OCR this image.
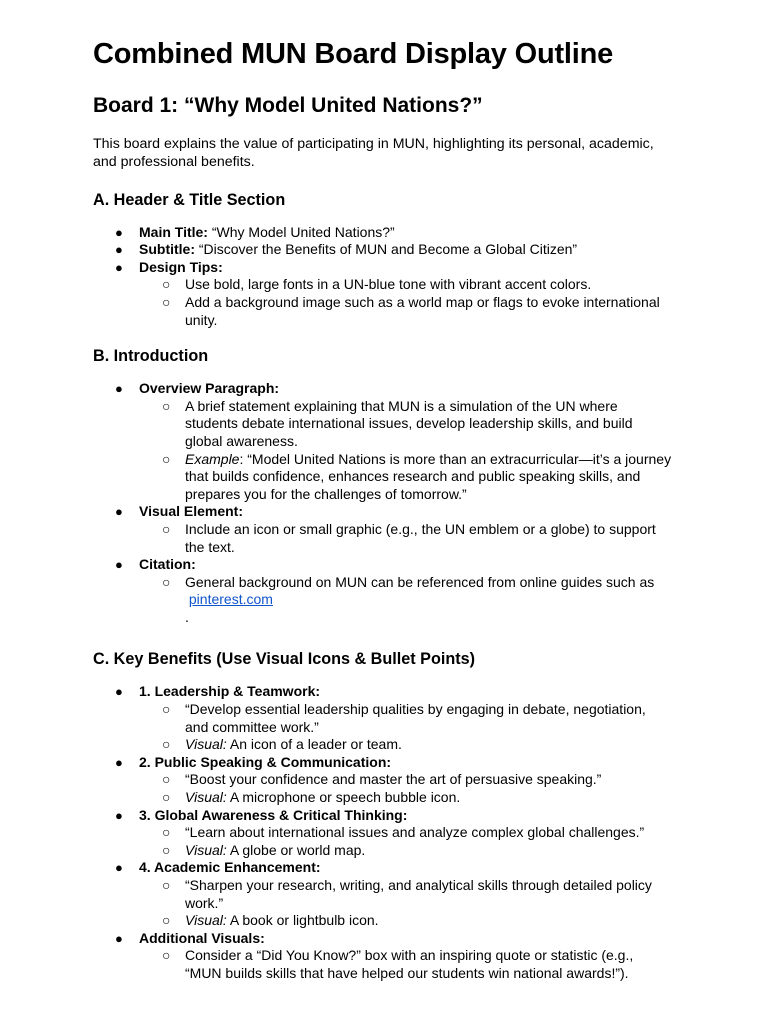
Combined MUN Board Display Outline
Board 1: “Why Model United Nations?”

This board explains the value of participating in MUN, highlighting its personal, academic, and professional benefits.

A. Header & Title Section
● Main Title: “Why Model United Nations?”
● Subtitle: “Discover the Benefits of MUN and Become a Global Citizen”
● Design Tips:
○ Use bold, large fonts in a UN-blue tone with vibrant accent colors.
○ Add a background image such as a world map or flags to evoke international unity.
B. Introduction
● Overview Paragraph:
○ A brief statement explaining that MUN is a simulation of the UN where students debate international issues, develop leadership skills, and build global awareness.
○ Example: “Model United Nations is more than an extracurricular—it’s a journey that builds confidence, enhances research and public speaking skills, and prepares you for the challenges of tomorrow.”
● Visual Element:
○ Include an icon or small graphic (e.g., the UN emblem or a globe) to support the text.
● Citation:
○ General background on MUN can be referenced from online guides such as
pinterest.com
.
C. Key Benefits (Use Visual Icons & Bullet Points)
● 1. Leadership & Teamwork:
○ “Develop essential leadership qualities by engaging in debate, negotiation, and committee work.”
○ Visual: An icon of a leader or team.
● 2. Public Speaking & Communication:
○ “Boost your confidence and master the art of persuasive speaking.”
○ Visual: A microphone or speech bubble icon.
● 3. Global Awareness & Critical Thinking:
○ “Learn about international issues and analyze complex global challenges.”
○ Visual: A globe or world map.
● 4. Academic Enhancement:
○ “Sharpen your research, writing, and analytical skills through detailed policy work.”
○ Visual: A book or lightbulb icon.
● Additional Visuals:
○ Consider a “Did You Know?” box with an inspiring quote or statistic (e.g., “MUN builds skills that have helped our students win national awards!”).
